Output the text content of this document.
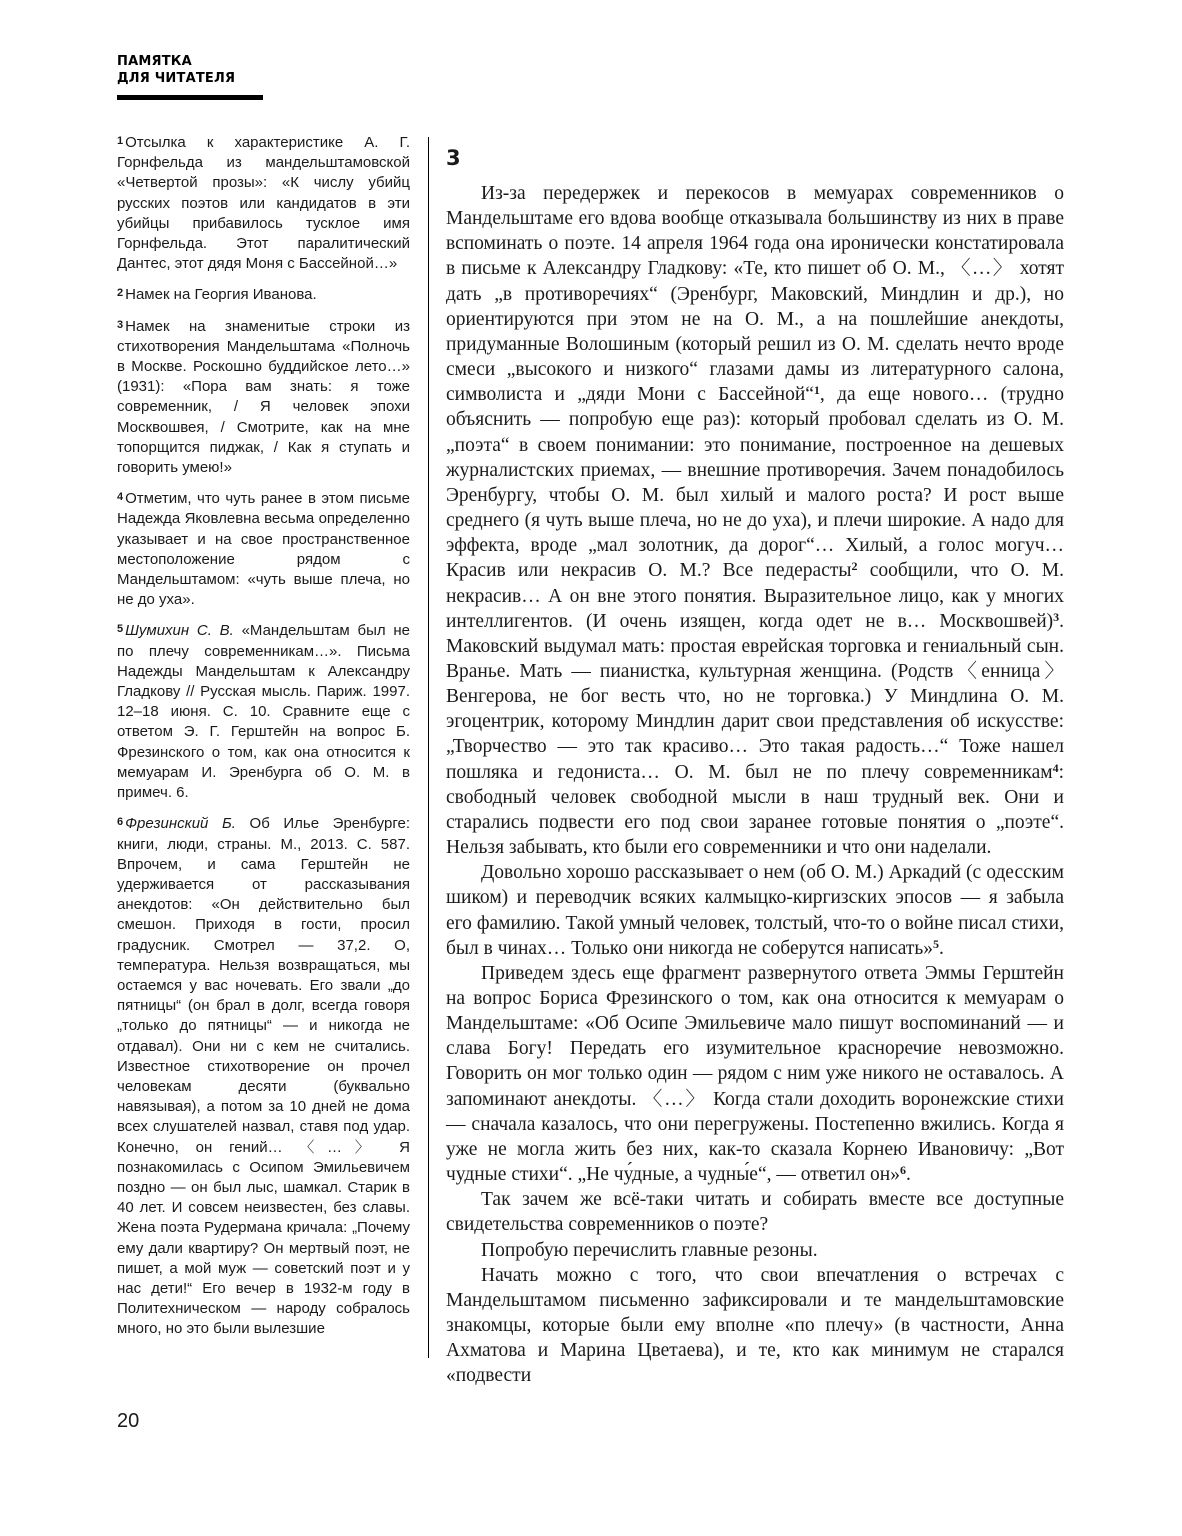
ПАМЯТКА
ДЛЯ ЧИТАТЕЛЯ

$^1$ Отсылка к характеристике А. Г. Горнфельда из мандельштамовской «Четвертой прозы»: «К числу убийц русских поэтов или кандидатов в эти убийцы прибавилось тусклое имя Горнфельда. Этот паралитический Дантес, этот дядя Моня с Бассейной…»

$^2$ Намек на Георгия Иванова.

$^3$ Намек на знаменитые строки из стихотворения Мандельштама «Полночь в Москве. Роскошно буддийское лето…» (1931): «Пора вам знать: я тоже современник, / Я человек эпохи Москвошвея, / Смотрите, как на мне топорщится пиджак, / Как я ступать и говорить умею!»

$^4$ Отметим, что чуть ранее в этом письме Надежда Яковлевна весьма определенно указывает и на свое пространственное местоположение рядом с Мандельштамом: «чуть выше плеча, но не до уха».

$^5$ Шумихин С. В. «Мандельштам был не по плечу современникам…». Письма Надежды Мандельштам к Александру Гладкову // Русская мысль. Париж. 1997. 12–18 июня. С. 10. Сравните еще с ответом Э. Г. Герштейн на вопрос Б. Фрезинского о том, как она относится к мемуарам И. Эренбурга об О. М. в примеч. 6.

$^6$ Фрезинский Б. Об Илье Эренбурге: книги, люди, страны. М., 2013. С. 587. Впрочем, и сама Герштейн не удерживается от рассказывания анекдотов: «Он действительно был смешон. Приходя в гости, просил градусник. Смотрел — 37,2. О, температура. Нельзя возвращаться, мы остаемся у вас ночевать. Его звали „до пятницы“ (он брал в долг, всегда говоря „только до пятницы“ — и никогда не отдавал). Они ни с кем не считались. Известное стихотворение он прочел человекам десяти (буквально навязывая), а потом за 10 дней не дома всех слушателей назвал, ставя под удар. Конечно, он гений… 〈…〉 Я познакомилась с Осипом Эмильевичем поздно — он был лыс, шамкал. Старик в 40 лет. И совсем неизвестен, без славы. Жена поэта Рудермана кричала: „Почему ему дали квартиру? Он мертвый поэт, не пишет, а мой муж — советский поэт и у нас дети!“ Его вечер в 1932-м году в Политехническом — народу собралось много, но это были вылезшие

3

Из-за передержек и перекосов в мемуарах современников о Мандельштаме его вдова вообще отказывала большинству из них в праве вспоминать о поэте. 14 апреля 1964 года она иронически констатировала в письме к Александру Гладкову: «Те, кто пишет об О. М., 〈…〉 хотят дать „в противоречиях“ (Эренбург, Маковский, Миндлин и др.), но ориентируются при этом не на О. М., а на пошлейшие анекдоты, придуманные Волошиным (который решил из О. М. сделать нечто вроде смеси „высокого и низкого“ глазами дамы из литературного салона, символиста и „дяди Мони с Бассейной“$^1$, да еще нового… (трудно объяснить — попробую еще раз): который пробовал сделать из О. М. „поэта“ в своем понимании: это понимание, построенное на дешевых журналистских приемах, — внешние противоречия. Зачем понадобилось Эренбургу, чтобы О. М. был хилый и малого роста? И рост выше среднего (я чуть выше плеча, но не до уха), и плечи широкие. А надо для эффекта, вроде „мал золотник, да дорог“… Хилый, а голос могуч… Красив или некрасив О. М.? Все педерасты$^2$ сообщили, что О. М. некрасив… А он вне этого понятия. Выразительное лицо, как у многих интеллигентов. (И очень изящен, когда одет не в… Москвошвей)$^3$. Маковский выдумал мать: простая еврейская торговка и гениальный сын. Вранье. Мать — пианистка, культурная женщина. (Родств〈енница〉 Венгерова, не бог весть что, но не торговка.) У Миндлина О. М. эгоцентрик, которому Миндлин дарит свои представления об искусстве: „Творчество — это так красиво… Это такая радость…“ Тоже нашел пошляка и гедониста… О. М. был не по плечу современникам$^4$: свободный человек свободной мысли в наш трудный век. Они и старались подвести его под свои заранее готовые понятия о „поэте“. Нельзя забывать, кто были его современники и что они наделали.

Довольно хорошо рассказывает о нем (об О. М.) Аркадий (с одесским шиком) и переводчик всяких калмыцко-киргизских эпосов — я забыла его фамилию. Такой умный человек, толстый, что-то о войне писал стихи, был в чинах… Только они никогда не соберутся написать»$^5$.

Приведем здесь еще фрагмент развернутого ответа Эммы Герштейн на вопрос Бориса Фрезинского о том, как она относится к мемуарам о Мандельштаме: «Об Осипе Эмильевиче мало пишут воспоминаний — и слава Богу! Передать его изумительное красноречие невозможно. Говорить он мог только один — рядом с ним уже никого не оставалось. А запоминают анекдоты. 〈…〉 Когда стали доходить воронежские стихи — сначала казалось, что они перегружены. Постепенно вжились. Когда я уже не могла жить без них, как-то сказала Корнею Ивановичу: „Вот чудные стихи“. „Не чу́дные, а чудны́е“, — ответил он»$^6$.

Так зачем же всё-таки читать и собирать вместе все доступные свидетельства современников о поэте?

Попробую перечислить главные резоны.

Начать можно с того, что свои впечатления о встречах с Мандельштамом письменно зафиксировали и те мандельштамовские знакомцы, которые были ему вполне «по плечу» (в частности, Анна Ахматова и Марина Цветаева), и те, кто как минимум не старался «подвести

20
